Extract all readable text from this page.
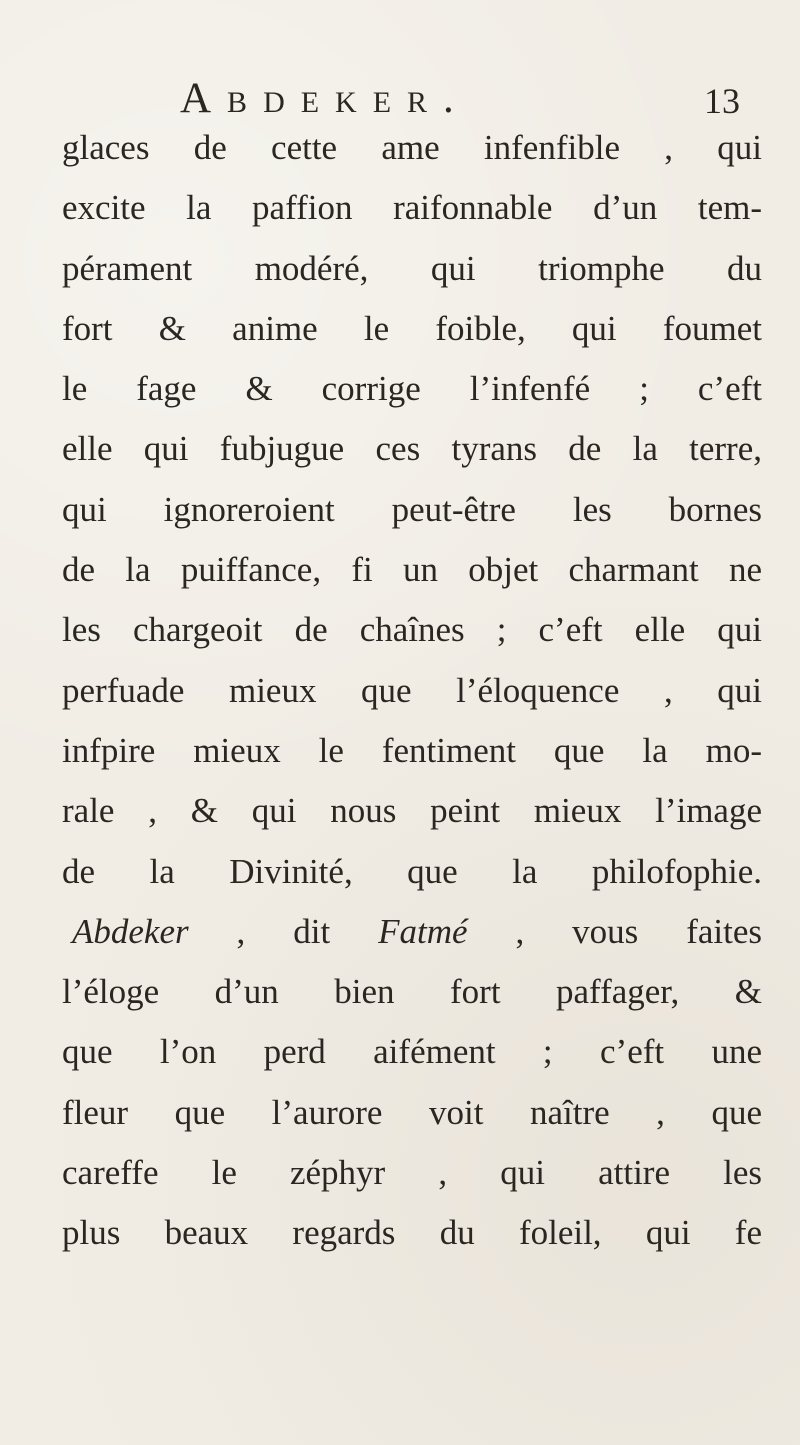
Abdeker.	13
glaces de cette ame infenfible , qui
excite la paffion raifonnable d’un tem-
pérament modéré, qui triomphe du
fort & anime le foible, qui foumet
le fage & corrige l’infenfé ; c’eft
elle qui fubjugue ces tyrans de la terre,
qui ignoreroient peut-être les bornes
de la puiffance, fi un objet charmant ne
les chargeoit de chaînes ; c’eft elle qui
perfuade mieux que l’éloquence , qui
infpire mieux le fentiment que la mo-
rale , & qui nous peint mieux l’image
de la Divinité, que la philofophie.
Abdeker , dit Fatmé , vous faites
l’éloge d’un bien fort paffager, &
que l’on perd aifément ; c’eft une
fleur que l’aurore voit naître , que
careffe le zéphyr , qui attire les
plus beaux regards du foleil, qui fe
